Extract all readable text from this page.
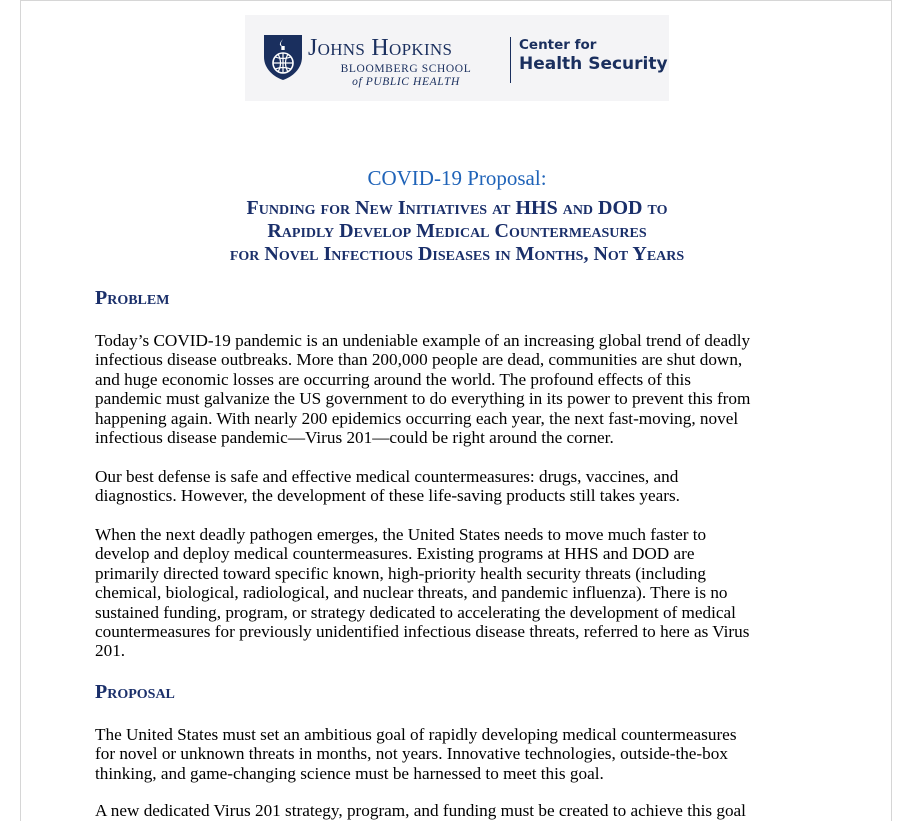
Johns Hopkins
BLOOMBERG SCHOOL
of PUBLIC HEALTH
Center for
Health Security
COVID-19 Proposal:
Funding for New Initiatives at HHS and DOD to
Rapidly Develop Medical Countermeasures
for Novel Infectious Diseases in Months, Not Years
Problem
Today’s COVID-19 pandemic is an undeniable example of an increasing global trend of deadly
infectious disease outbreaks. More than 200,000 people are dead, communities are shut down,
and huge economic losses are occurring around the world. The profound effects of this
pandemic must galvanize the US government to do everything in its power to prevent this from
happening again. With nearly 200 epidemics occurring each year, the next fast-moving, novel
infectious disease pandemic—Virus 201—could be right around the corner.
Our best defense is safe and effective medical countermeasures: drugs, vaccines, and
diagnostics. However, the development of these life-saving products still takes years.
When the next deadly pathogen emerges, the United States needs to move much faster to
develop and deploy medical countermeasures. Existing programs at HHS and DOD are
primarily directed toward specific known, high-priority health security threats (including
chemical, biological, radiological, and nuclear threats, and pandemic influenza). There is no
sustained funding, program, or strategy dedicated to accelerating the development of medical
countermeasures for previously unidentified infectious disease threats, referred to here as Virus
201.
Proposal
The United States must set an ambitious goal of rapidly developing medical countermeasures
for novel or unknown threats in months, not years. Innovative technologies, outside-the-box
thinking, and game-changing science must be harnessed to meet this goal.
A new dedicated Virus 201 strategy, program, and funding must be created to achieve this goal
